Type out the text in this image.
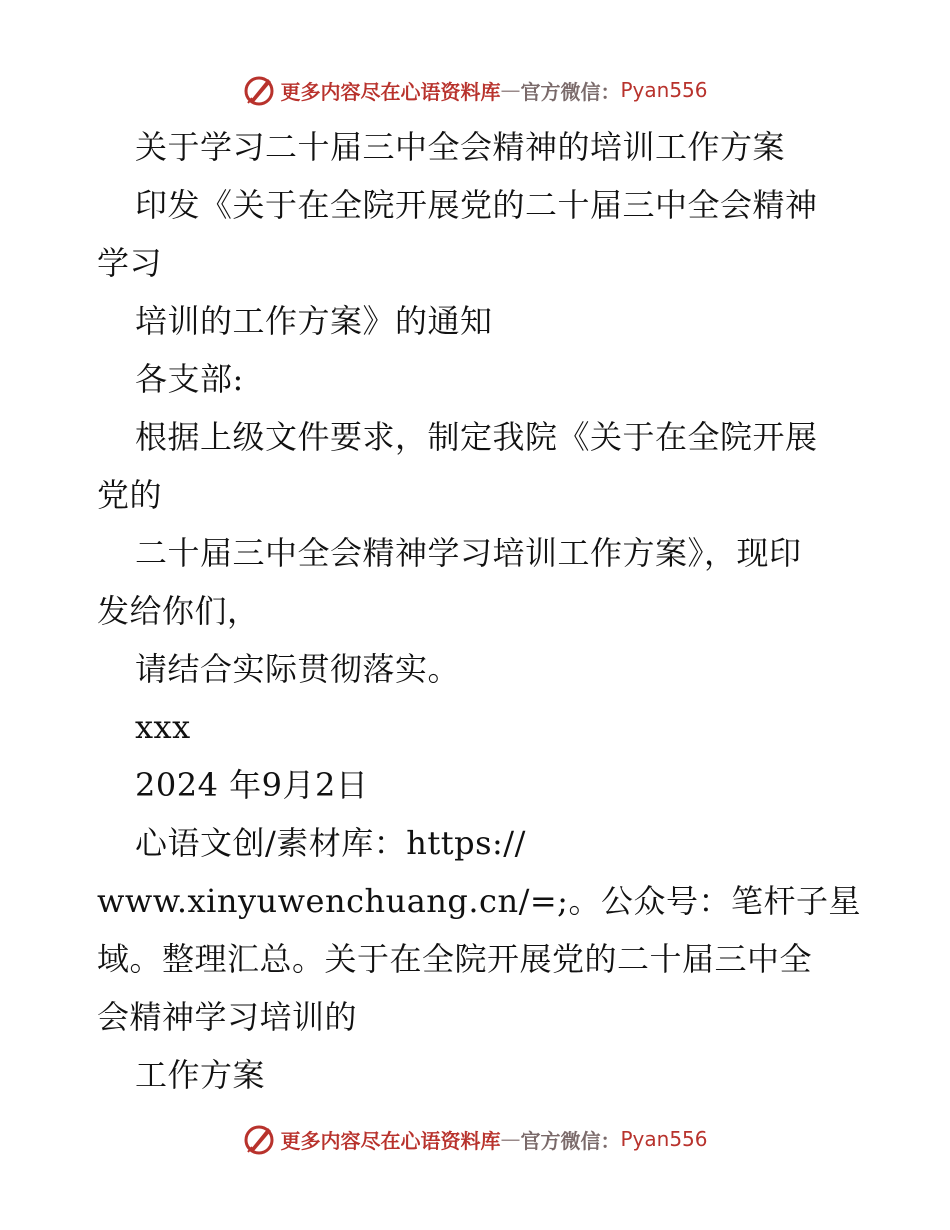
更多内容尽在心语资料库 — 官方微信： Pyan556
关于学习二十届三中全会精神的培训工作方案
印发《关于在全院开展党的二十届三中全会精神
学习
培训的工作方案》的通知
各支部:
根据上级文件要求，制定我院《关于在全院开展
党的
二十届三中全会精神学习培训工作方案》，现印
发给你们，
请结合实际贯彻落实。
xxx
2024 年9月2日
心语文创/素材库：https://
www.xinyuwenchuang.cn/=;。公众号：笔杆子星
域。整理汇总。关于在全院开展党的二十届三中全
会精神学习培训的
工作方案
更多内容尽在心语资料库 — 官方微信： Pyan556
